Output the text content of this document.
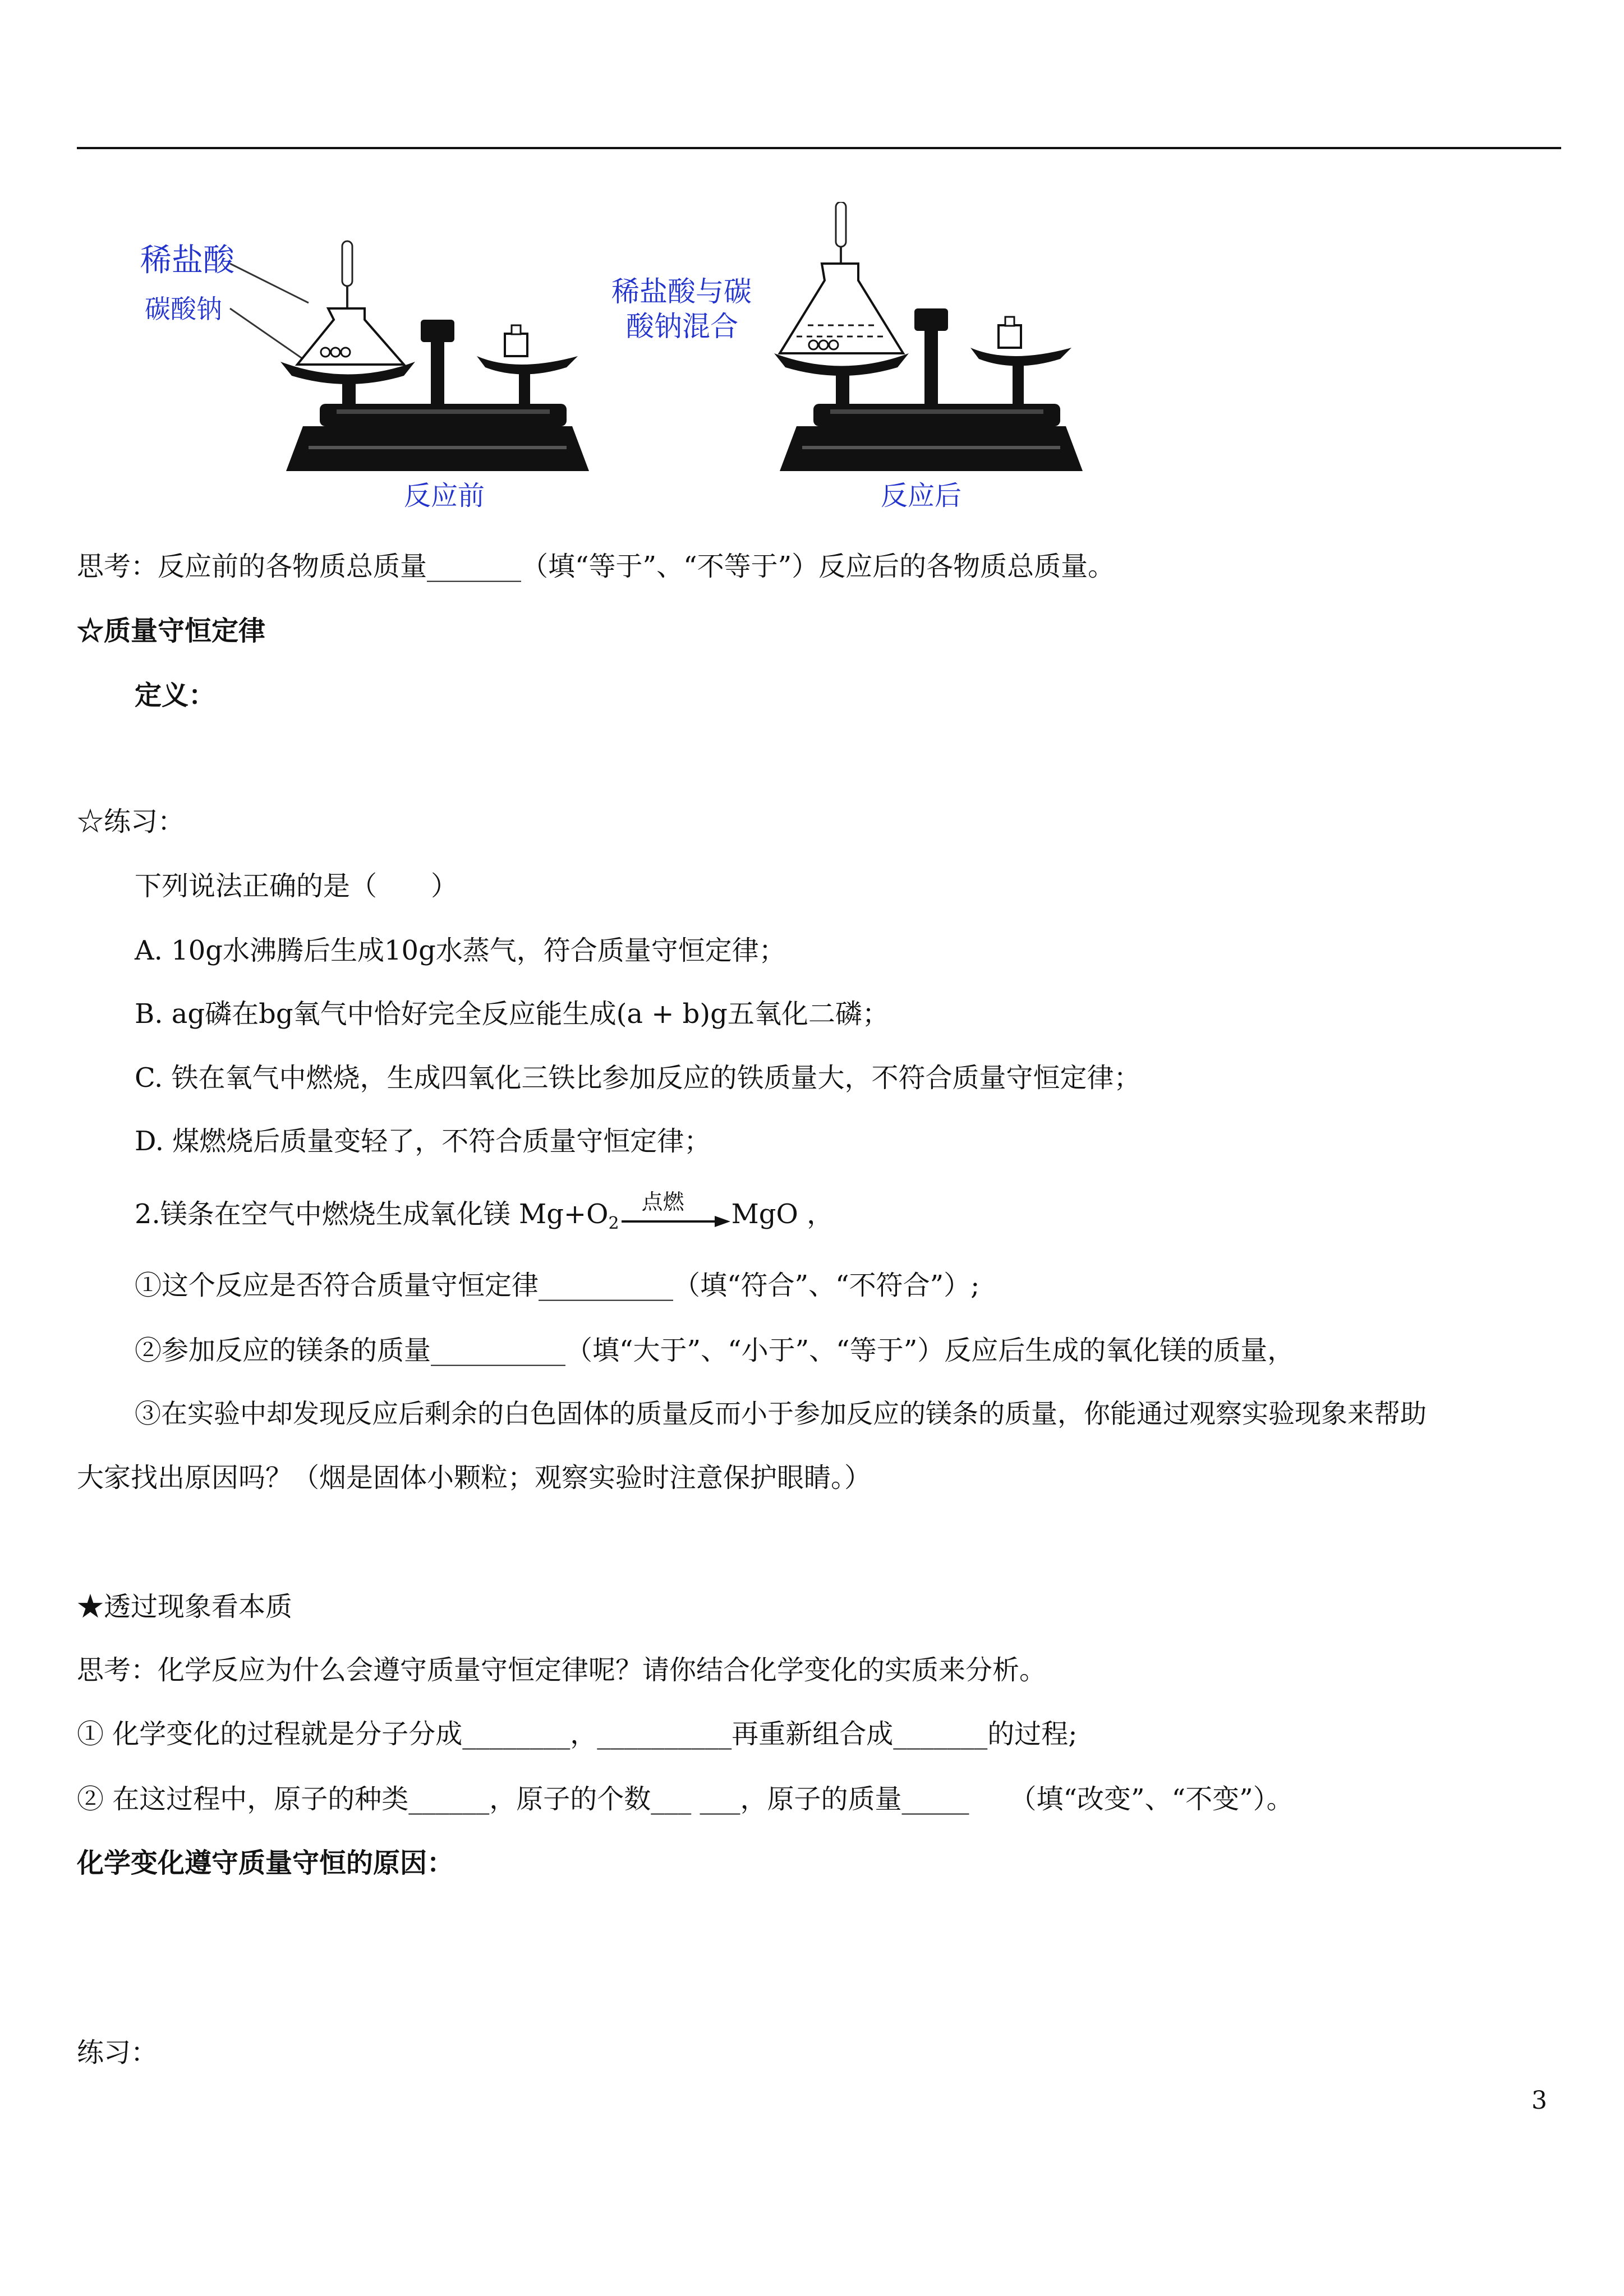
稀盐酸
碳酸钠
反应前
稀盐酸与碳
酸钠混合
反应后
思考：反应前的各物质总质量_______（填“等于”、“不等于”）反应后的各物质总质量。
☆质量守恒定律
定义：
☆练习：
下列说法正确的是（　　）
A. 10g水沸腾后生成10g水蒸气，符合质量守恒定律；
B. ag磷在bg氧气中恰好完全反应能生成(a + b)g五氧化二磷；
C. 铁在氧气中燃烧，生成四氧化三铁比参加反应的铁质量大，不符合质量守恒定律；
D. 煤燃烧后质量变轻了，不符合质量守恒定律；
2.镁条在空气中燃烧生成氧化镁 $Mg+O_2$
点燃 MgO ，
①这个反应是否符合质量守恒定律__________（填“符合”、“不符合”）;
②参加反应的镁条的质量__________（填“大于”、“小于”、“等于”）反应后生成的氧化镁的质量，
③在实验中却发现反应后剩余的白色固体的质量反而小于参加反应的镁条的质量，你能通过观察实验现象来帮助
大家找出原因吗？（烟是固体小颗粒；观察实验时注意保护眼睛。）
★透过现象看本质
思考：化学反应为什么会遵守质量守恒定律呢？请你结合化学变化的实质来分析。
① 化学变化的过程就是分子分成________，__________再重新组合成_______的过程;
② 在这过程中，原子的种类______，原子的个数___ ___，原子的质量_____　　（填“改变”、“不变”）。
化学变化遵守质量守恒的原因：
练习：
3
